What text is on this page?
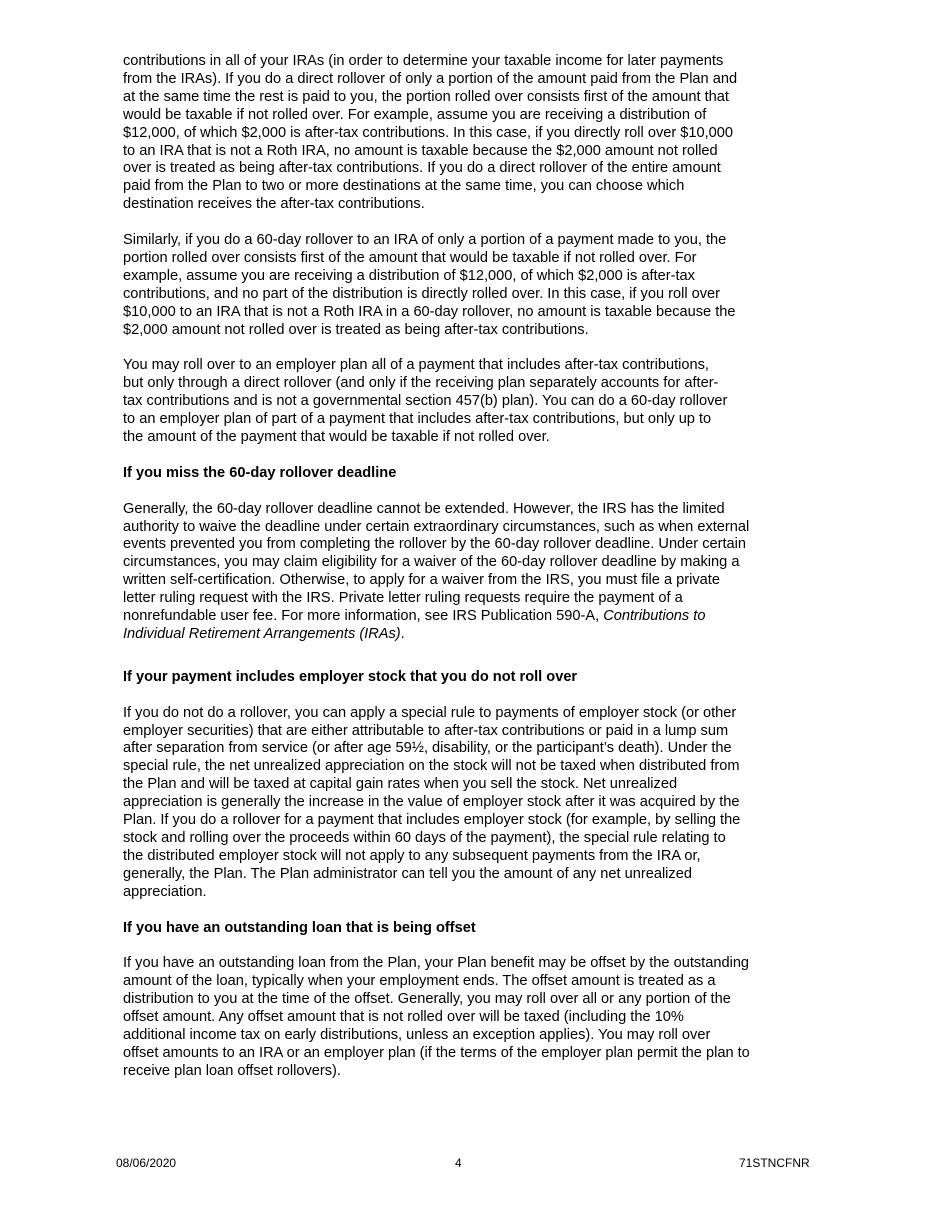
contributions in all of your IRAs (in order to determine your taxable income for later payments
from the IRAs). If you do a direct rollover of only a portion of the amount paid from the Plan and
at the same time the rest is paid to you, the portion rolled over consists first of the amount that
would be taxable if not rolled over. For example, assume you are receiving a distribution of
$12,000, of which $2,000 is after-tax contributions. In this case, if you directly roll over $10,000
to an IRA that is not a Roth IRA, no amount is taxable because the $2,000 amount not rolled
over is treated as being after-tax contributions. If you do a direct rollover of the entire amount
paid from the Plan to two or more destinations at the same time, you can choose which
destination receives the after-tax contributions.

Similarly, if you do a 60-day rollover to an IRA of only a portion of a payment made to you, the
portion rolled over consists first of the amount that would be taxable if not rolled over. For
example, assume you are receiving a distribution of $12,000, of which $2,000 is after-tax
contributions, and no part of the distribution is directly rolled over. In this case, if you roll over
$10,000 to an IRA that is not a Roth IRA in a 60-day rollover, no amount is taxable because the
$2,000 amount not rolled over is treated as being after-tax contributions.

You may roll over to an employer plan all of a payment that includes after-tax contributions,
but only through a direct rollover (and only if the receiving plan separately accounts for after-
tax contributions and is not a governmental section 457(b) plan). You can do a 60-day rollover
to an employer plan of part of a payment that includes after-tax contributions, but only up to
the amount of the payment that would be taxable if not rolled over.

If you miss the 60-day rollover deadline

Generally, the 60-day rollover deadline cannot be extended. However, the IRS has the limited
authority to waive the deadline under certain extraordinary circumstances, such as when external
events prevented you from completing the rollover by the 60-day rollover deadline. Under certain
circumstances, you may claim eligibility for a waiver of the 60-day rollover deadline by making a
written self-certification. Otherwise, to apply for a waiver from the IRS, you must file a private
letter ruling request with the IRS. Private letter ruling requests require the payment of a
nonrefundable user fee. For more information, see IRS Publication 590-A, Contributions to
Individual Retirement Arrangements (IRAs).

If your payment includes employer stock that you do not roll over

If you do not do a rollover, you can apply a special rule to payments of employer stock (or other
employer securities) that are either attributable to after-tax contributions or paid in a lump sum
after separation from service (or after age 59½, disability, or the participant’s death). Under the
special rule, the net unrealized appreciation on the stock will not be taxed when distributed from
the Plan and will be taxed at capital gain rates when you sell the stock. Net unrealized
appreciation is generally the increase in the value of employer stock after it was acquired by the
Plan. If you do a rollover for a payment that includes employer stock (for example, by selling the
stock and rolling over the proceeds within 60 days of the payment), the special rule relating to
the distributed employer stock will not apply to any subsequent payments from the IRA or,
generally, the Plan. The Plan administrator can tell you the amount of any net unrealized
appreciation.

If you have an outstanding loan that is being offset

If you have an outstanding loan from the Plan, your Plan benefit may be offset by the outstanding
amount of the loan, typically when your employment ends. The offset amount is treated as a
distribution to you at the time of the offset. Generally, you may roll over all or any portion of the
offset amount. Any offset amount that is not rolled over will be taxed (including the 10%
additional income tax on early distributions, unless an exception applies). You may roll over
offset amounts to an IRA or an employer plan (if the terms of the employer plan permit the plan to
receive plan loan offset rollovers).

08/06/2020	4	71STNCFNR
